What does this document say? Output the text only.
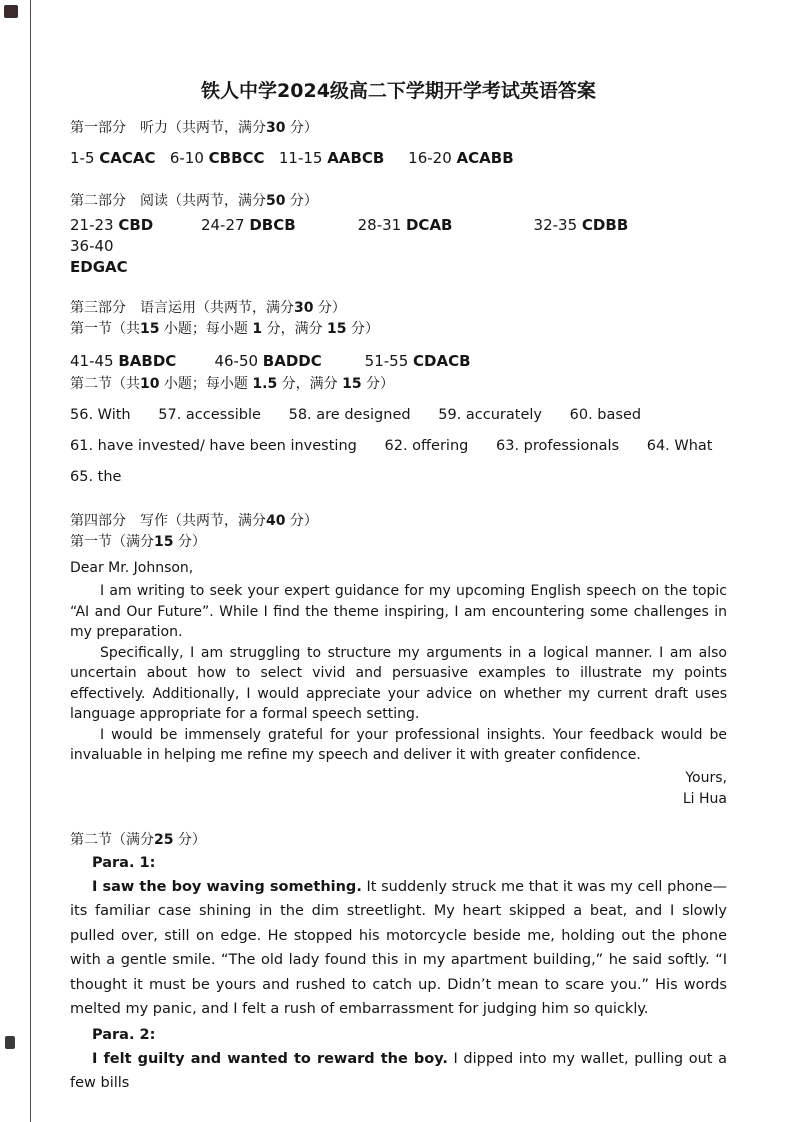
铁人中学2024级高二下学期开学考试英语答案

第一部分　听力（共两节，满分30 分）

1-5 CACAC   6-10 CBBCC   11-15 AABCB     16-20 ACABB

第二部分　阅读（共两节，满分50 分）

21-23 CBD          24-27 DBCB             28-31 DCAB                 32-35 CDBB                 36-40

EDGAC

第三部分　语言运用（共两节，满分30 分）

第一节（共15 小题；每小题 1 分，满分 15 分）

41-45 BABDC        46-50 BADDC         51-55 CDACB

第二节（共10 小题；每小题 1.5 分，满分 15 分）

56. With      57. accessible      58. are designed      59. accurately      60. based

61. have invested/ have been investing      62. offering      63. professionals      64. What

65. the

第四部分　写作（共两节，满分40 分）

第一节（满分15 分）

Dear Mr. Johnson,

I am writing to seek your expert guidance for my upcoming English speech on the topic “AI and Our Future”. While I find the theme inspiring, I am encountering some challenges in my preparation.

Specifically, I am struggling to structure my arguments in a logical manner. I am also uncertain about how to select vivid and persuasive examples to illustrate my points effectively. Additionally, I would appreciate your advice on whether my current draft uses language appropriate for a formal speech setting.

I would be immensely grateful for your professional insights. Your feedback would be invaluable in helping me refine my speech and deliver it with greater confidence.

Yours,

Li Hua

第二节（满分25 分）

Para. 1:

I saw the boy waving something. It suddenly struck me that it was my cell phone—its familiar case shining in the dim streetlight. My heart skipped a beat, and I slowly pulled over, still on edge. He stopped his motorcycle beside me, holding out the phone with a gentle smile. “The old lady found this in my apartment building,” he said softly. “I thought it must be yours and rushed to catch up. Didn’t mean to scare you.” His words melted my panic, and I felt a rush of embarrassment for judging him so quickly.

Para. 2:

I felt guilty and wanted to reward the boy. I dipped into my wallet, pulling out a few bills
